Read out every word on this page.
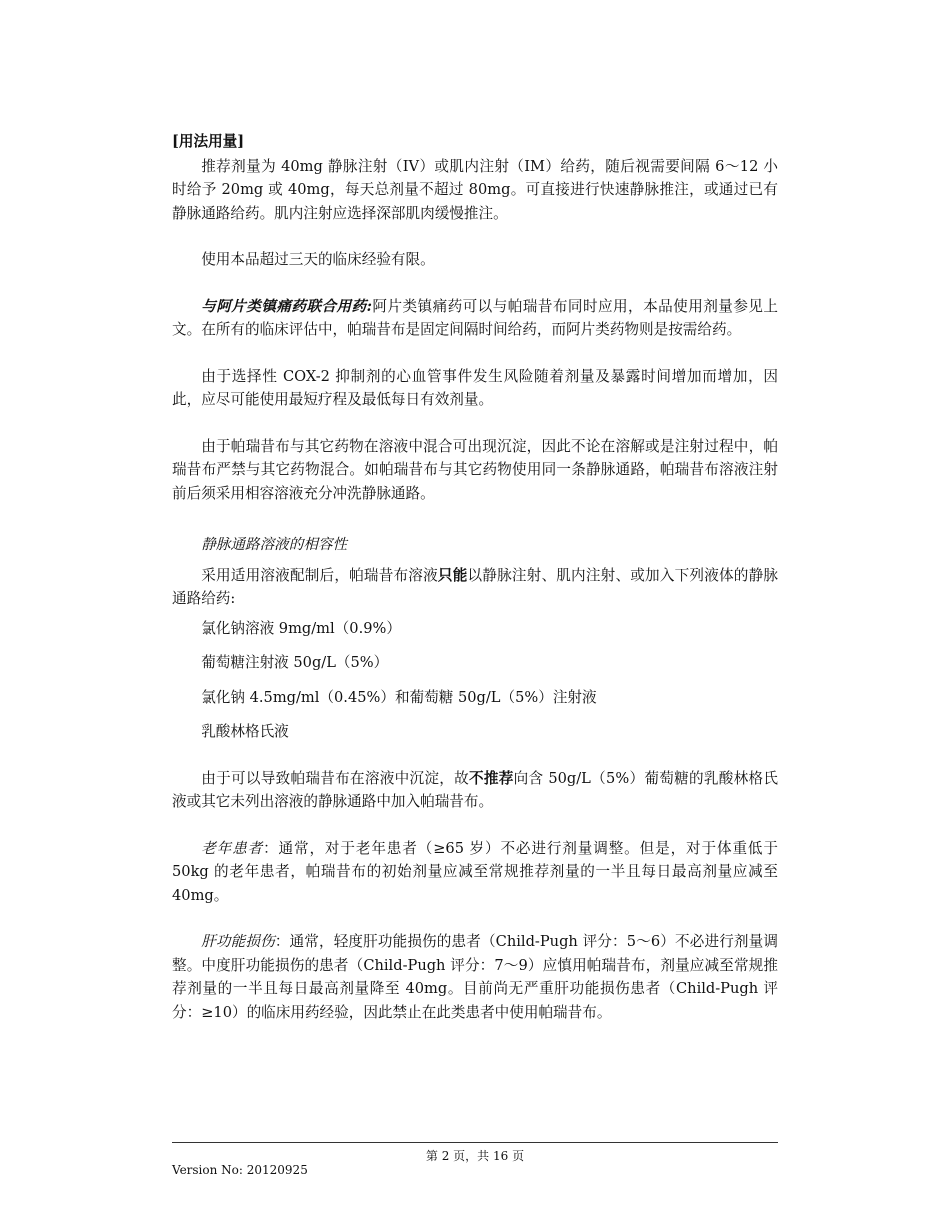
[用法用量]

推荐剂量为 40mg 静脉注射（IV）或肌内注射（IM）给药，随后视需要间隔 6～12 小时给予 20mg 或 40mg，每天总剂量不超过 80mg。可直接进行快速静脉推注，或通过已有静脉通路给药。肌内注射应选择深部肌肉缓慢推注。

使用本品超过三天的临床经验有限。

与阿片类镇痛药联合用药:阿片类镇痛药可以与帕瑞昔布同时应用，本品使用剂量参见上文。在所有的临床评估中，帕瑞昔布是固定间隔时间给药，而阿片类药物则是按需给药。

由于选择性 COX-2 抑制剂的心血管事件发生风险随着剂量及暴露时间增加而增加，因此，应尽可能使用最短疗程及最低每日有效剂量。

由于帕瑞昔布与其它药物在溶液中混合可出现沉淀，因此不论在溶解或是注射过程中，帕瑞昔布严禁与其它药物混合。如帕瑞昔布与其它药物使用同一条静脉通路，帕瑞昔布溶液注射前后须采用相容溶液充分冲洗静脉通路。

静脉通路溶液的相容性

采用适用溶液配制后，帕瑞昔布溶液只能以静脉注射、肌内注射、或加入下列液体的静脉通路给药:

氯化钠溶液 9mg/ml（0.9%）
葡萄糖注射液 50g/L（5%）
氯化钠 4.5mg/ml（0.45%）和葡萄糖 50g/L（5%）注射液
乳酸林格氏液

由于可以导致帕瑞昔布在溶液中沉淀，故不推荐向含 50g/L（5%）葡萄糖的乳酸林格氏液或其它未列出溶液的静脉通路中加入帕瑞昔布。

老年患者：通常，对于老年患者（≥65 岁）不必进行剂量调整。但是，对于体重低于 50kg 的老年患者，帕瑞昔布的初始剂量应减至常规推荐剂量的一半且每日最高剂量应减至 40mg。

肝功能损伤：通常，轻度肝功能损伤的患者（Child-Pugh 评分：5～6）不必进行剂量调整。中度肝功能损伤的患者（Child-Pugh 评分：7～9）应慎用帕瑞昔布，剂量应减至常规推荐剂量的一半且每日最高剂量降至 40mg。目前尚无严重肝功能损伤患者（Child-Pugh 评分：≥10）的临床用药经验，因此禁止在此类患者中使用帕瑞昔布。

第 2 页，共 16 页
Version No: 20120925
